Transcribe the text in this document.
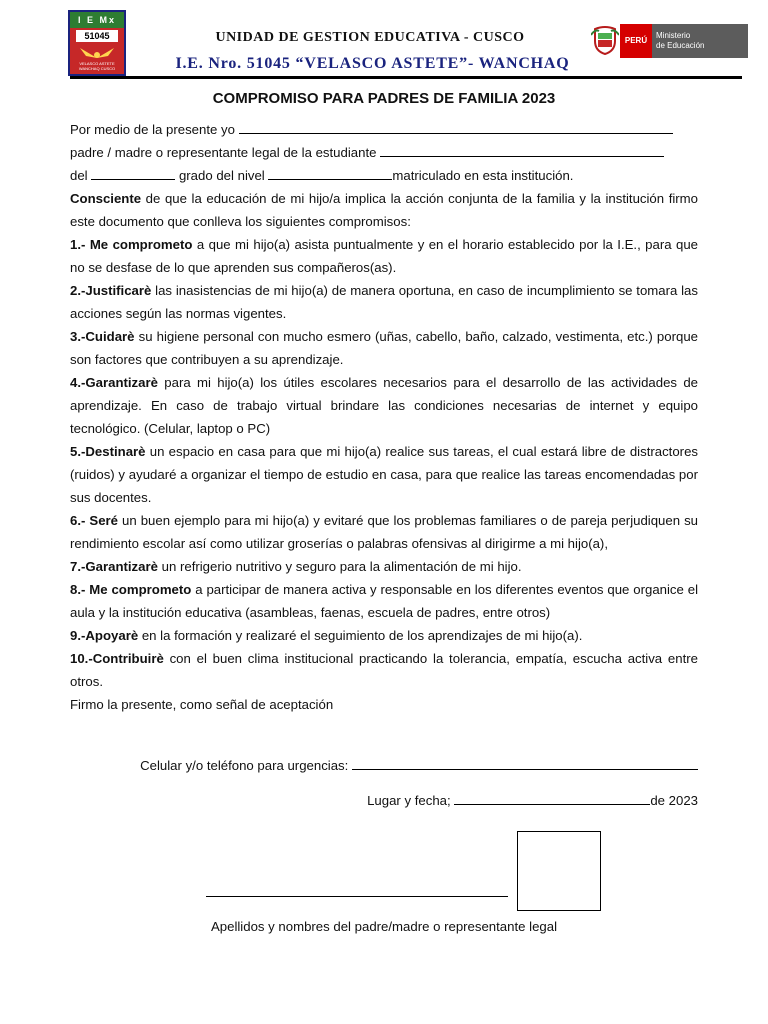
I E Mx
51045
VELASCO ASTETE WANCHAQ CUSCO
UNIDAD DE GESTION EDUCATIVA - CUSCO
I.E. Nro. 51045 “VELASCO ASTETE”- WANCHAQ
PERÚ
Ministerio
de Educación
COMPROMISO PARA PADRES DE FAMILIA 2023

Por medio de la presente yo

padre / madre o representante legal de la estudiante

del	grado del nivel	matriculado en esta institución.

Consciente de que la educación de mi hijo/a implica la acción conjunta de la familia y la institución firmo este documento que conlleva los siguientes compromisos:

1.- Me comprometo a que mi hijo(a) asista puntualmente y en el horario establecido por la I.E., para que no se desfase de lo que aprenden sus compañeros(as).

2.-Justificarè las inasistencias de mi hijo(a) de manera oportuna, en caso de incumplimiento se tomara las acciones según las normas vigentes.

3.-Cuidarè su higiene personal con mucho esmero (uñas, cabello, baño, calzado, vestimenta, etc.) porque son factores que contribuyen a su aprendizaje.

4.-Garantizarè para mi hijo(a) los útiles escolares necesarios para el desarrollo de las actividades de aprendizaje. En caso de trabajo virtual brindare las condiciones necesarias de internet y equipo tecnológico. (Celular, laptop o PC)

5.-Destinarè un espacio en casa para que mi hijo(a) realice sus tareas, el cual estará libre de distractores (ruidos) y ayudaré a organizar el tiempo de estudio en casa, para que realice las tareas encomendadas por sus docentes.

6.- Seré un buen ejemplo para mi hijo(a) y evitaré que los problemas familiares o de pareja perjudiquen su rendimiento escolar así como utilizar groserías o palabras ofensivas al dirigirme a mi hijo(a),

7.-Garantizarè un refrigerio nutritivo y seguro para la alimentación de mi hijo.

8.- Me comprometo a participar de manera activa y responsable en los diferentes eventos que organice el aula y la institución educativa (asambleas, faenas, escuela de padres, entre otros)

9.-Apoyarè en la formación y realizaré el seguimiento de los aprendizajes de mi hijo(a).

10.-Contribuirè con el buen clima institucional practicando la tolerancia, empatía, escucha activa entre otros.

Firmo la presente, como señal de aceptación

Celular y/o teléfono para urgencias:
Lugar y fecha;	de 2023
Apellidos y nombres del padre/madre o representante legal
